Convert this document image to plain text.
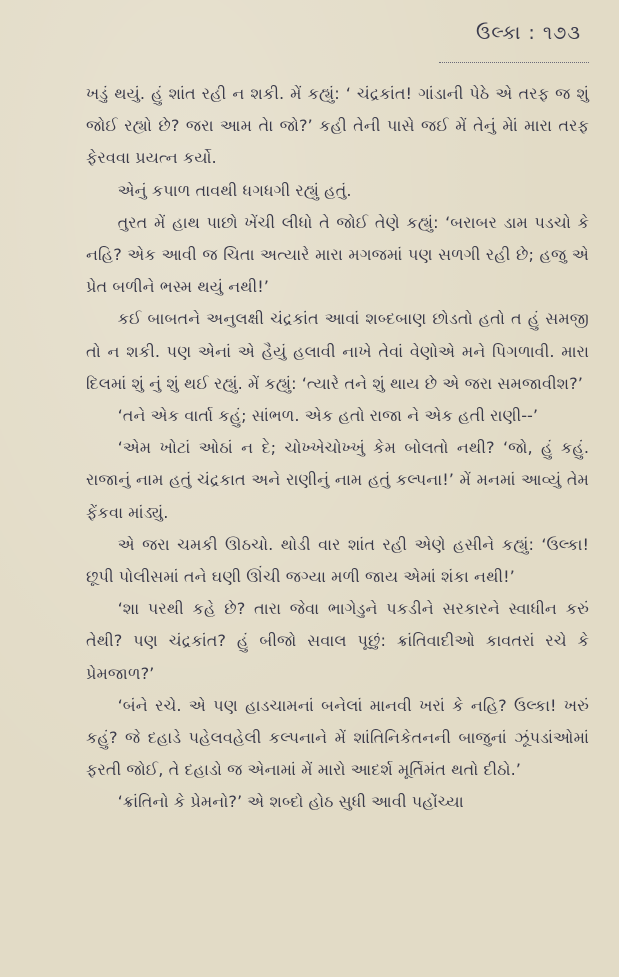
ઉલ્કા : ૧૭૩

ખડું થયું. હું શાંત રહી ન શકી. મેં કહ્યું: ‘ ચંદ્રકાંત! ગાંડાની પેઠે એ તરફ જ શું જોઈ રહ્યો છે? જરા આમ તેા જો?’ કહી તેની પાસે જઈ મેં તેનું મેાં મારા તરફ ફેરવવા પ્રયત્ન કર્યો.

એનું કપાળ તાવથી ધગધગી રહ્યું હતું.

તુરત મેં હાથ પાછો ખેંચી લીધો તે જોઈ તેણે કહ્યું: ‘બરાબર ડામ પડચો કે નહિ? એક આવી જ ચિતા અત્યારે મારા મગજમાં પણ સળગી રહી છે; હજુ એ પ્રેત બળીને ભસ્મ થયું નથી!’

કઈ બાબતને અનુલક્ષી ચંદ્રકાંત આવાં શબ્દબાણ છોડતો હતો ત હું સમજી તો ન શકી. પણ એનાં એ હૈયું હલાવી નાખે તેવાં વેણોએ મને પિગળાવી. મારા દિલમાં શું નું શું થઈ રહ્યું. મેં કહ્યું: ‘ત્યારે તને શું થાય છે એ જરા સમજાવીશ?’

‘તને એક વાર્તા કહું; સાંભળ. એક હતો રાજા ને એક હતી રાણી--’

‘એમ ખોટાં ઓઠાં ન દે; ચોખ્ખેચોખ્ખું કેમ બોલતો નથી? ‘જો, હું કહું. રાજાનું નામ હતું ચંદ્રકાત અને રાણીનું નામ હતું કલ્પના!’ મેં મનમાં આવ્યું તેમ ફેંકવા માંડ્યું.

એ જરા ચમકી ઊઠચો. થોડી વાર શાંત રહી એણે હસીને કહ્યું: ‘ઉલ્કા! છૂપી પોલીસમાં તને ઘણી ઊંચી જગ્યા મળી જાય એમાં શંકા નથી!’

‘શા પરથી કહે છે? તારા જેવા ભાગેડુને પકડીને સરકારને સ્વાધીન કરું તેથી? પણ ચંદ્રકાંત? હું બીજો સવાલ પૂછું: ક્રાંતિવાદીઓ કાવતરાં રચે કે પ્રેમજાળ?’

‘બંને રચે. એ પણ હાડચામનાં બનેલાં માનવી ખરાં કે નહિ? ઉલ્કા! ખરું કહું? જે દહાડે પહેલવહેલી કલ્પનાને મેં શાંતિનિકેતનની બાજુનાં ઝૂંપડાંઓમાં ફરતી જોઈ, તે દહાડો જ એનામાં મેં મારો આદર્શ મૂર્તિમંત થતો દીઠો.’

‘ક્રાંતિનો કે પ્રેમનો?’ એ શબ્દો હોઠ સુધી આવી પહોંચ્યા
